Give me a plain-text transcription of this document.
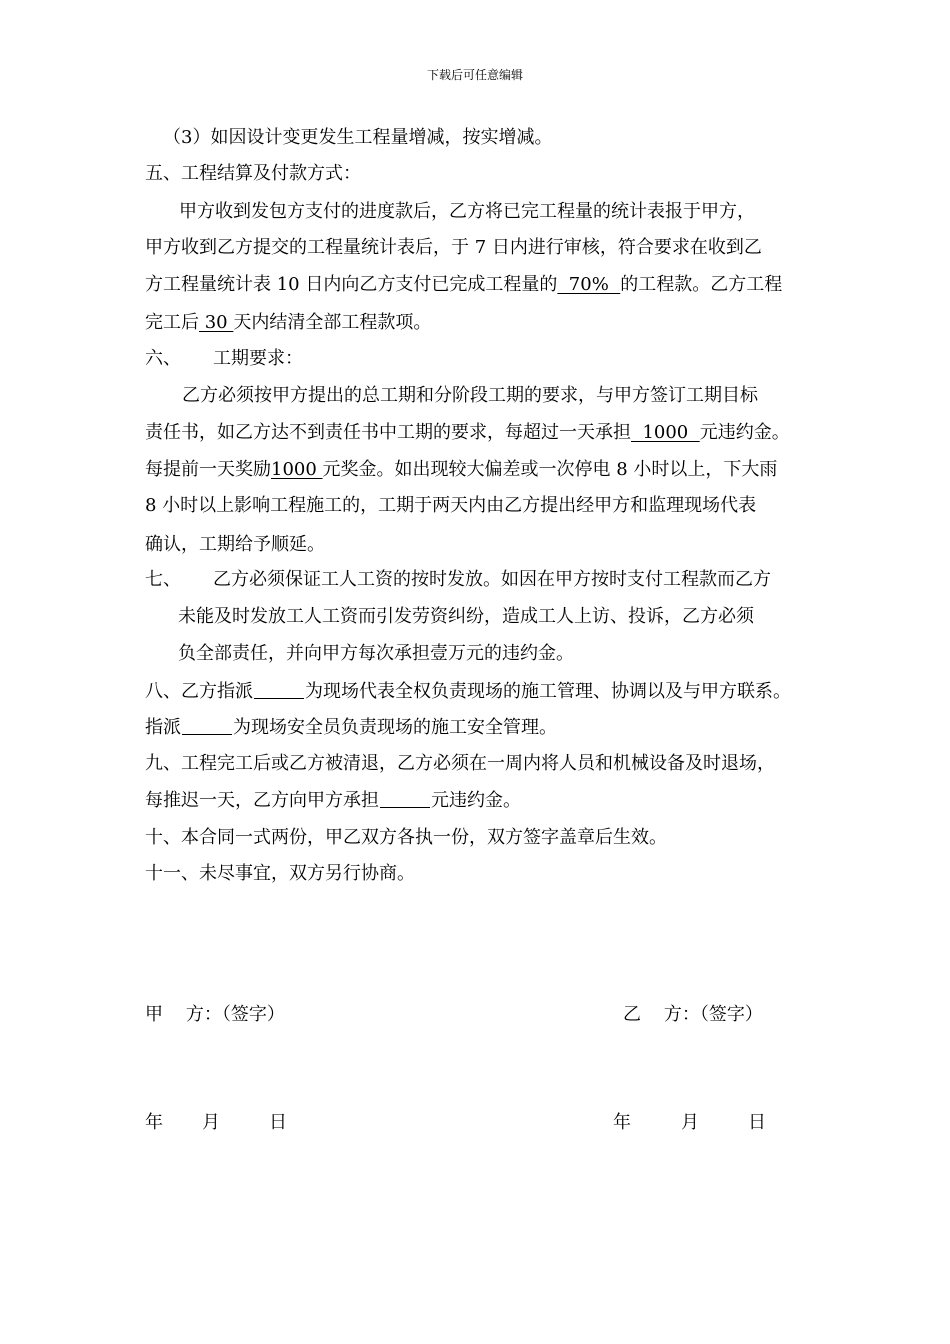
下载后可任意编辑
（3）如因设计变更发生工程量增减，按实增减。
五、工程结算及付款方式：
甲方收到发包方支付的进度款后，乙方将已完工程量的统计表报于甲方，
甲方收到乙方提交的工程量统计表后，于 7 日内进行审核，符合要求在收到乙
方工程量统计表 10 日内向乙方支付已完成工程量的  70%  的工程款。乙方工程
完工后 30 天内结清全部工程款项。
六、 工期要求：
乙方必须按甲方提出的总工期和分阶段工期的要求，与甲方签订工期目标
责任书，如乙方达不到责任书中工期的要求，每超过一天承担  1000  元违约金。
每提前一天奖励1000 元奖金。如出现较大偏差或一次停电 8 小时以上，下大雨
8 小时以上影响工程施工的，工期于两天内由乙方提出经甲方和监理现场代表
确认，工期给予顺延。
七、 乙方必须保证工人工资的按时发放。如因在甲方按时支付工程款而乙方
未能及时发放工人工资而引发劳资纠纷，造成工人上访、投诉，乙方必须
负全部责任，并向甲方每次承担壹万元的违约金。
八、乙方指派	为现场代表全权负责现场的施工管理、协调以及与甲方联系。
指派	为现场安全员负责现场的施工安全管理。
九、工程完工后或乙方被清退，乙方必须在一周内将人员和机械设备及时退场，
每推迟一天，乙方向甲方承担	元违约金。
十、本合同一式两份，甲乙双方各执一份，双方签字盖章后生效。
十一、未尽事宜，双方另行协商。
甲    方：（签字）	乙    方：（签字）
年 月	日	年	月	日
